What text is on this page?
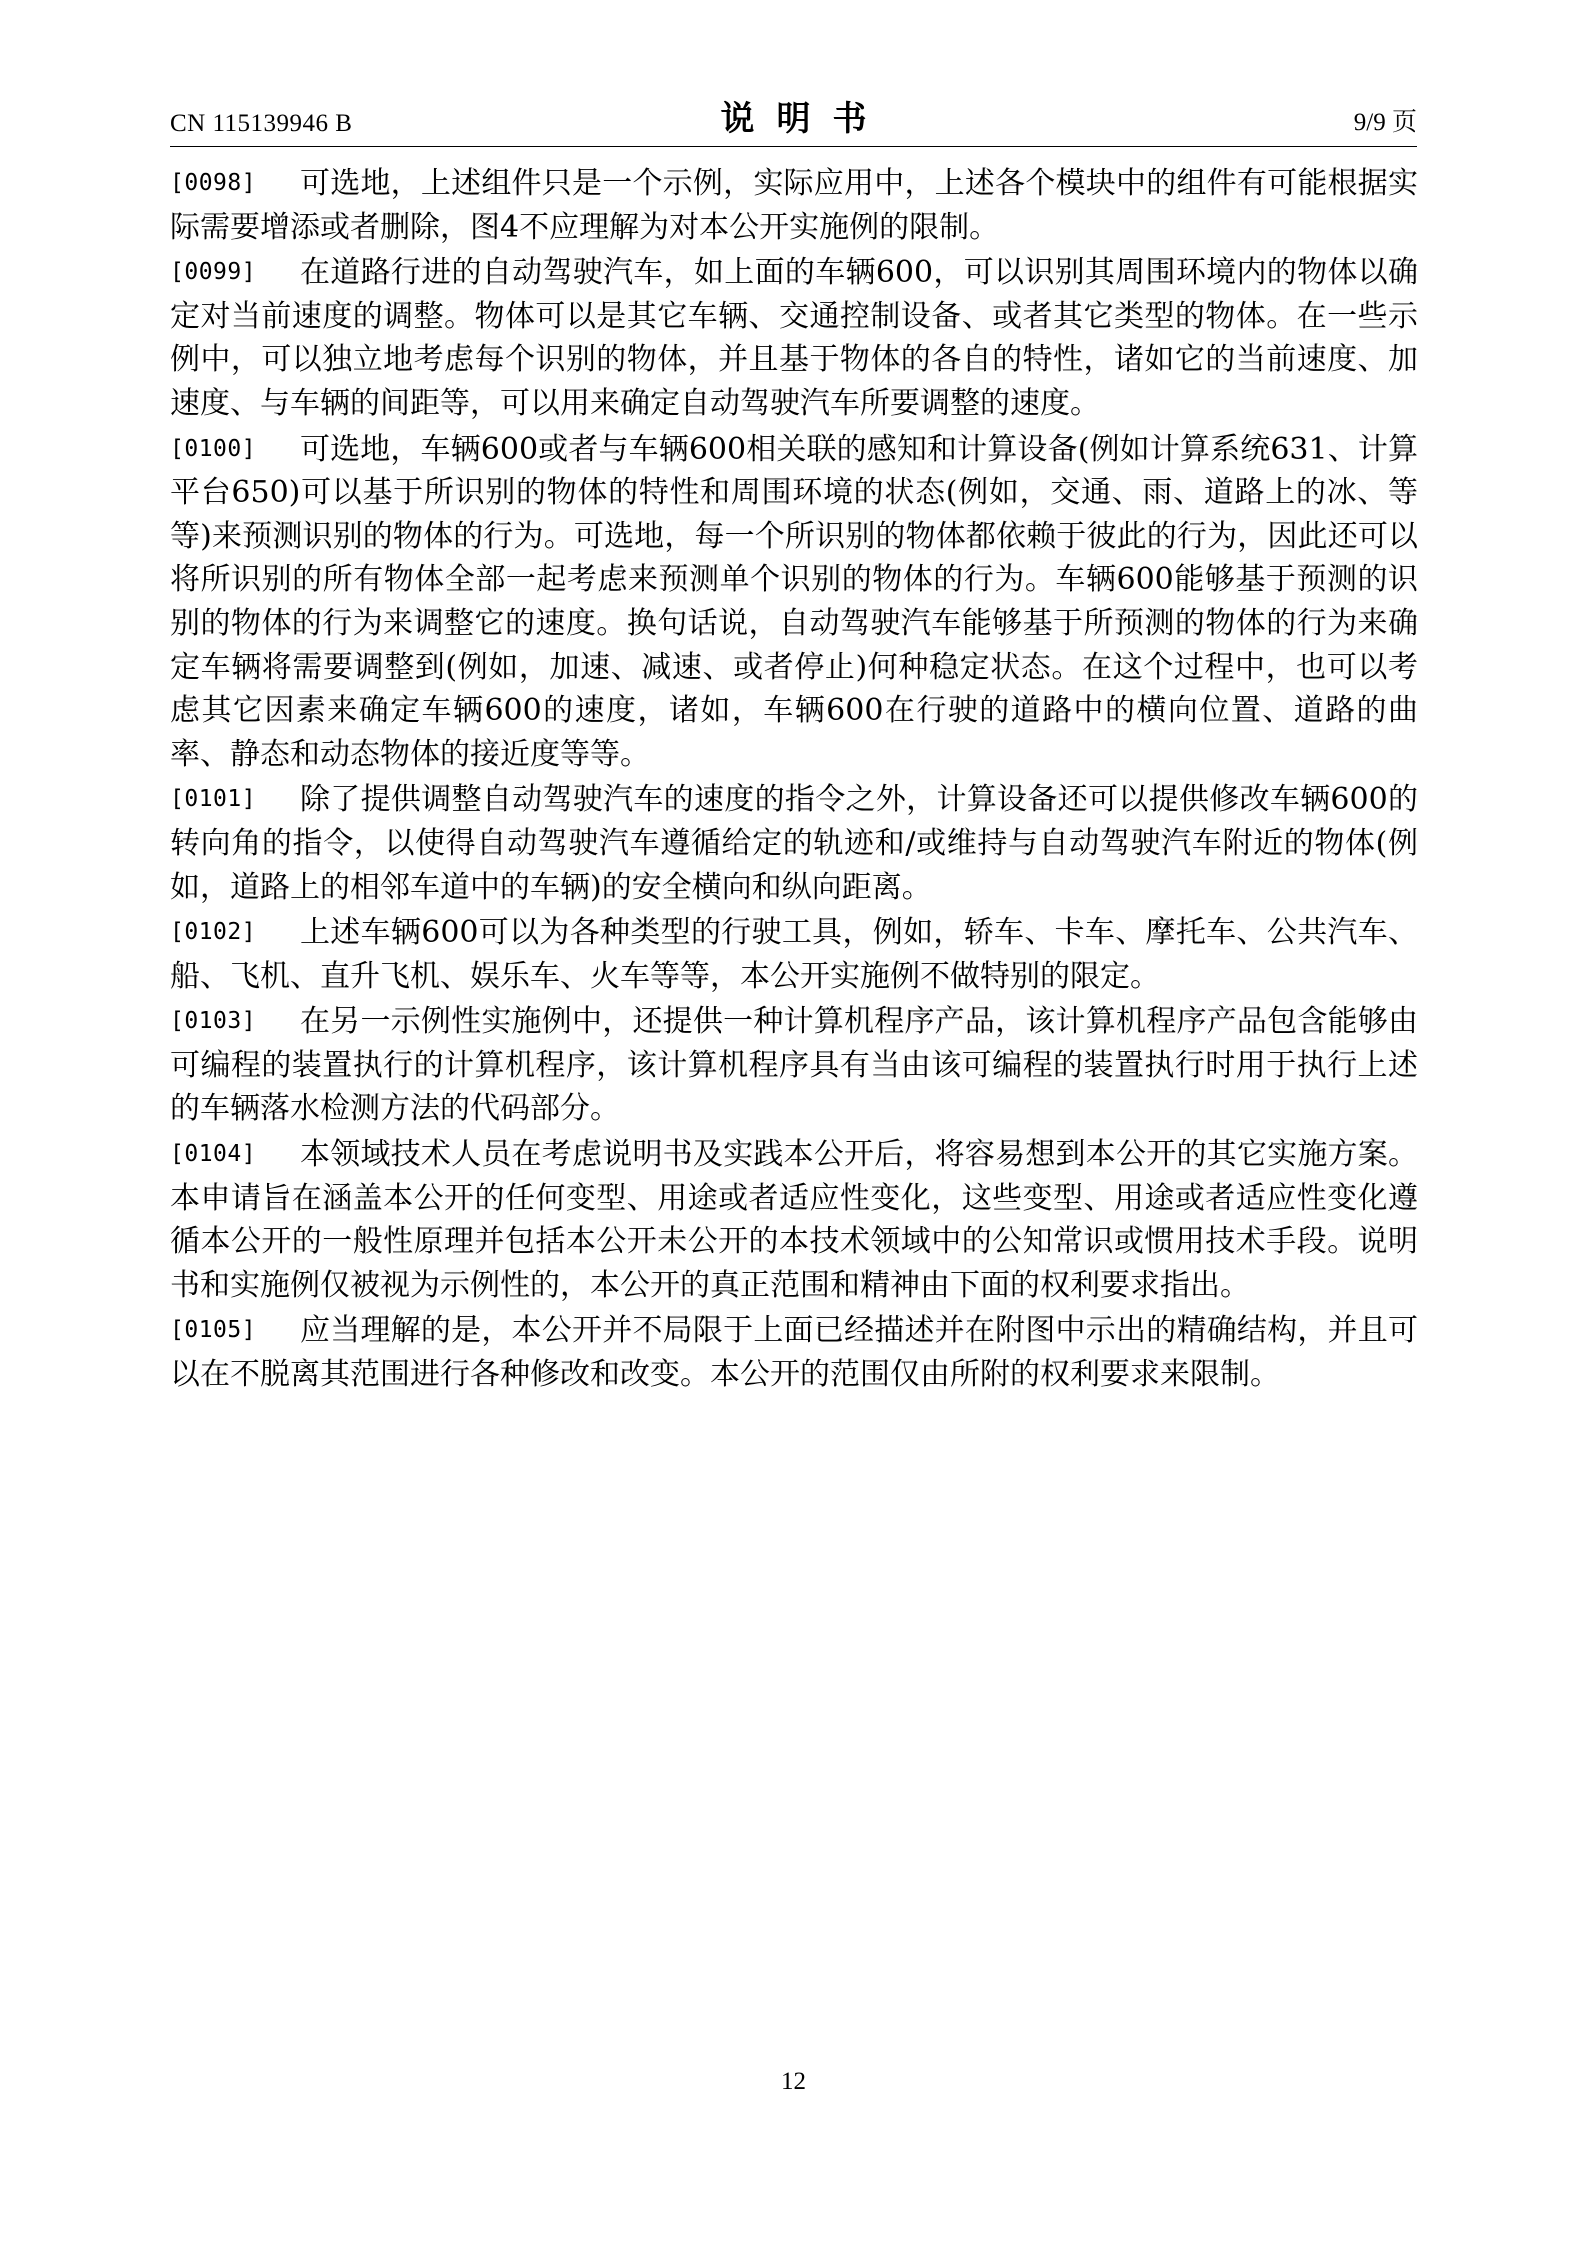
CN 115139946 B	说明书	9/9 页

[0098] 可选地，上述组件只是一个示例，实际应用中，上述各个模块中的组件有可能根据实际需要增添或者删除，图4不应理解为对本公开实施例的限制。

[0099] 在道路行进的自动驾驶汽车，如上面的车辆600，可以识别其周围环境内的物体以确定对当前速度的调整。物体可以是其它车辆、交通控制设备、或者其它类型的物体。在一些示例中，可以独立地考虑每个识别的物体，并且基于物体的各自的特性，诸如它的当前速度、加速度、与车辆的间距等，可以用来确定自动驾驶汽车所要调整的速度。

[0100] 可选地，车辆600或者与车辆600相关联的感知和计算设备(例如计算系统631、计算平台650)可以基于所识别的物体的特性和周围环境的状态(例如，交通、雨、道路上的冰、等等)来预测识别的物体的行为。可选地，每一个所识别的物体都依赖于彼此的行为，因此还可以将所识别的所有物体全部一起考虑来预测单个识别的物体的行为。车辆600能够基于预测的识别的物体的行为来调整它的速度。换句话说，自动驾驶汽车能够基于所预测的物体的行为来确定车辆将需要调整到(例如，加速、减速、或者停止)何种稳定状态。在这个过程中，也可以考虑其它因素来确定车辆600的速度，诸如，车辆600在行驶的道路中的横向位置、道路的曲率、静态和动态物体的接近度等等。

[0101] 除了提供调整自动驾驶汽车的速度的指令之外，计算设备还可以提供修改车辆600的转向角的指令，以使得自动驾驶汽车遵循给定的轨迹和/或维持与自动驾驶汽车附近的物体(例如，道路上的相邻车道中的车辆)的安全横向和纵向距离。

[0102] 上述车辆600可以为各种类型的行驶工具，例如，轿车、卡车、摩托车、公共汽车、船、飞机、直升飞机、娱乐车、火车等等，本公开实施例不做特别的限定。

[0103] 在另一示例性实施例中，还提供一种计算机程序产品，该计算机程序产品包含能够由可编程的装置执行的计算机程序，该计算机程序具有当由该可编程的装置执行时用于执行上述的车辆落水检测方法的代码部分。

[0104] 本领域技术人员在考虑说明书及实践本公开后，将容易想到本公开的其它实施方案。本申请旨在涵盖本公开的任何变型、用途或者适应性变化，这些变型、用途或者适应性变化遵循本公开的一般性原理并包括本公开未公开的本技术领域中的公知常识或惯用技术手段。说明书和实施例仅被视为示例性的，本公开的真正范围和精神由下面的权利要求指出。

[0105] 应当理解的是，本公开并不局限于上面已经描述并在附图中示出的精确结构，并且可以在不脱离其范围进行各种修改和改变。本公开的范围仅由所附的权利要求来限制。

12
